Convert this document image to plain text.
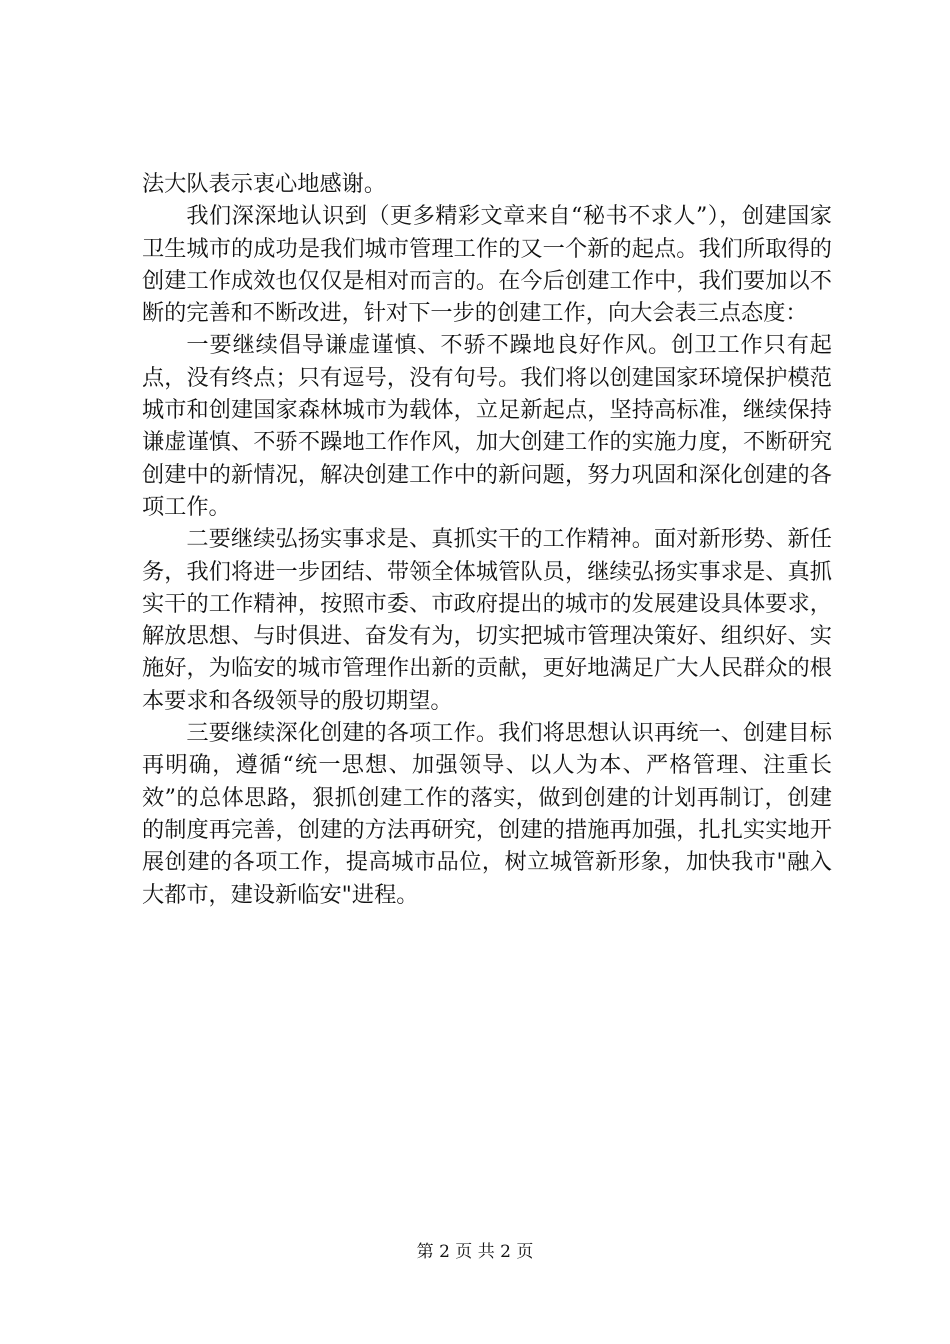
法大队表示衷心地感谢。

我们深深地认识到（更多精彩文章来自“秘书不求人”），创建国家卫生城市的成功是我们城市管理工作的又一个新的起点。我们所取得的创建工作成效也仅仅是相对而言的。在今后创建工作中，我们要加以不断的完善和不断改进，针对下一步的创建工作，向大会表三点态度：

一要继续倡导谦虚谨慎、不骄不躁地良好作风。创卫工作只有起点，没有终点；只有逗号，没有句号。我们将以创建国家环境保护模范城市和创建国家森林城市为载体，立足新起点，坚持高标准，继续保持谦虚谨慎、不骄不躁地工作作风，加大创建工作的实施力度，不断研究创建中的新情况，解决创建工作中的新问题，努力巩固和深化创建的各项工作。

二要继续弘扬实事求是、真抓实干的工作精神。面对新形势、新任务，我们将进一步团结、带领全体城管队员，继续弘扬实事求是、真抓实干的工作精神，按照市委、市政府提出的城市的发展建设具体要求，解放思想、与时俱进、奋发有为，切实把城市管理决策好、组织好、实施好，为临安的城市管理作出新的贡献，更好地满足广大人民群众的根本要求和各级领导的殷切期望。

三要继续深化创建的各项工作。我们将思想认识再统一、创建目标再明确，遵循“统一思想、加强领导、以人为本、严格管理、注重长效”的总体思路，狠抓创建工作的落实，做到创建的计划再制订，创建的制度再完善，创建的方法再研究，创建的措施再加强，扎扎实实地开展创建的各项工作，提高城市品位，树立城管新形象，加快我市"融入大都市，建设新临安"进程。

第 2 页 共 2 页
